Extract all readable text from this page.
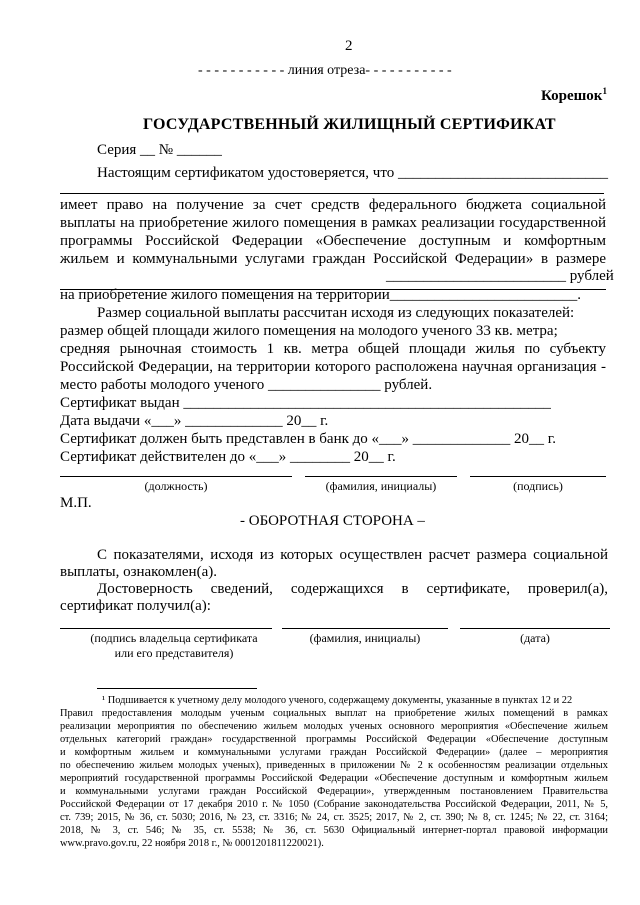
2
- - - - - - - - - - - линия отреза- - - - - - - - - - -
Корешок$^1$
ГОСУДАРСТВЕННЫЙ ЖИЛИЩНЫЙ СЕРТИФИКАТ
Серия __ № ______
Настоящим сертификатом удостоверяется, что ____________________________
имеет право на получение за счет средств федерального бюджета социальной
выплаты на приобретение жилого помещения в рамках реализации государственной
программы Российской Федерации «Обеспечение доступным и комфортным
жильем и коммунальными услугами граждан Российской Федерации» в размере
________________________ рублей
на приобретение жилого помещения на территории_________________________.
Размер социальной выплаты рассчитан исходя из следующих показателей:
размер общей площади жилого помещения на молодого ученого 33 кв. метра;
средняя рыночная стоимость 1 кв. метра общей площади жилья по субъекту
Российской Федерации, на территории которого расположена научная организация -
место работы молодого ученого _______________ рублей.
Сертификат выдан _________________________________________________
Дата выдачи «___» _____________ 20__ г.
Сертификат должен быть представлен в банк до «___» _____________ 20__ г.
Сертификат действителен до «___» ________ 20__ г.
(должность)	(фамилия, инициалы)	(подпись)
М.П.
- ОБОРОТНАЯ СТОРОНА –
С показателями, исходя из которых осуществлен расчет размера социальной
выплаты, ознакомлен(а).
Достоверность сведений, содержащихся в сертификате, проверил(а),
сертификат получил(а):
(подпись владельца сертификата
или его представителя)
(фамилия, инициалы)	(дата)
¹ Подшивается к учетному делу молодого ученого, содержащему документы, указанные в пунктах 12 и 22
Правил предоставления молодым ученым социальных выплат на приобретение жилых помещений в рамках
реализации мероприятия по обеспечению жильем молодых ученых основного мероприятия «Обеспечение жильем
отдельных категорий граждан» государственной программы Российской Федерации «Обеспечение доступным
и комфортным жильем и коммунальными услугами граждан Российской Федерации» (далее – мероприятия
по обеспечению жильем молодых ученых), приведенных в приложении № 2 к особенностям реализации отдельных
мероприятий государственной программы Российской Федерации «Обеспечение доступным и комфортным жильем
и коммунальными услугами граждан Российской Федерации», утвержденным постановлением Правительства
Российской Федерации от 17 декабря 2010 г. № 1050 (Собрание законодательства Российской Федерации, 2011, № 5,
ст. 739; 2015, № 36, ст. 5030; 2016, № 23, ст. 3316; № 24, ст. 3525; 2017, № 2, ст. 390; № 8, ст. 1245; № 22, ст. 3164;
2018, № 3, ст. 546; № 35, ст. 5538; № 36, ст. 5630 Официальный интернет-портал правовой информации
www.pravo.gov.ru, 22 ноября 2018 г., № 0001201811220021).
